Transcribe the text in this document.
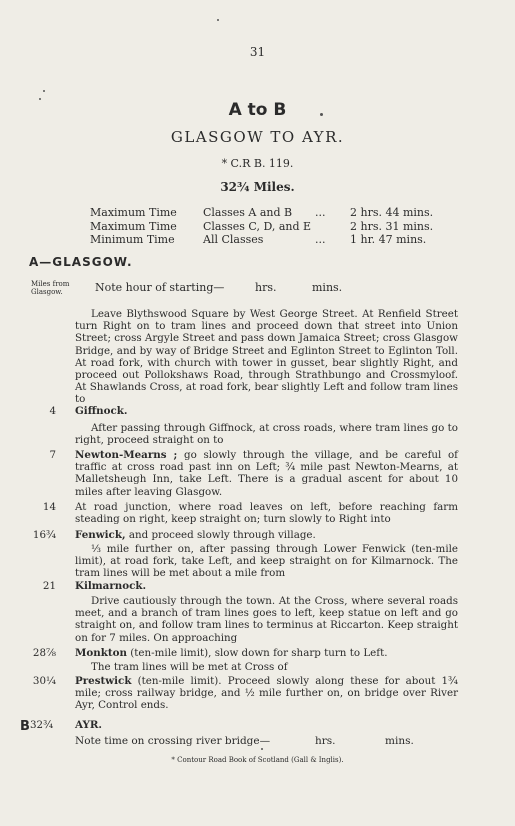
31
A to B
GLASGOW TO AYR.
* C.R B. 119.
32¾ Miles.
Maximum Time Classes A and B ... 2 hrs. 44 mins.
Maximum Time Classes C, D, and E	2 hrs. 31 mins.
Minimum Time	All Classes	... 1 hr. 47 mins.
A—GLASGOW.
Miles from
Glasgow.	Note hour of starting—	hrs.	mins.
Leave Blythswood Square by West George Street. At Renfield Street turn Right on to tram lines and proceed down that street into Union Street; cross Argyle Street and pass down Jamaica Street; cross Glasgow Bridge, and by way of Bridge Street and Eglinton Street to Eglinton Toll. At road fork, with church with tower in gusset, bear slightly Right, and proceed out Pollokshaws Road, through Strathbungo and Crossmyloof. At Shawlands Cross, at road fork, bear slightly Left and follow tram lines to
4 Giffnock.
After passing through Giffnock, at cross roads, where tram lines go to right, proceed straight on to
7 Newton-Mearns ; go slowly through the village, and be careful of traffic at cross road past inn on Left; ¾ mile past Newton-Mearns, at Malletsheugh Inn, take Left. There is a gradual ascent for about 10 miles after leaving Glasgow.
14 At road junction, where road leaves on left, before reaching farm steading on right, keep straight on; turn slowly to Right into
16¾ Fenwick, and proceed slowly through village.
⅓ mile further on, after passing through Lower Fenwick (ten-mile limit), at road fork, take Left, and keep straight on for Kilmarnock. The tram lines will be met about a mile from
21 Kilmarnock.
Drive cautiously through the town. At the Cross, where several roads meet, and a branch of tram lines goes to left, keep statue on left and go straight on, and follow tram lines to terminus at Riccarton. Keep straight on for 7 miles. On approaching
28⅞ Monkton (ten-mile limit), slow down for sharp turn to Left.
The tram lines will be met at Cross of
30¼ Prestwick (ten-mile limit). Proceed slowly along these for about 1¾ mile; cross railway bridge, and ½ mile further on, on bridge over River Ayr, Control ends.
B 32¾	AYR.
Note time on crossing river bridge—	hrs.	mins.
* Contour Road Book of Scotland (Gall & Inglis).
